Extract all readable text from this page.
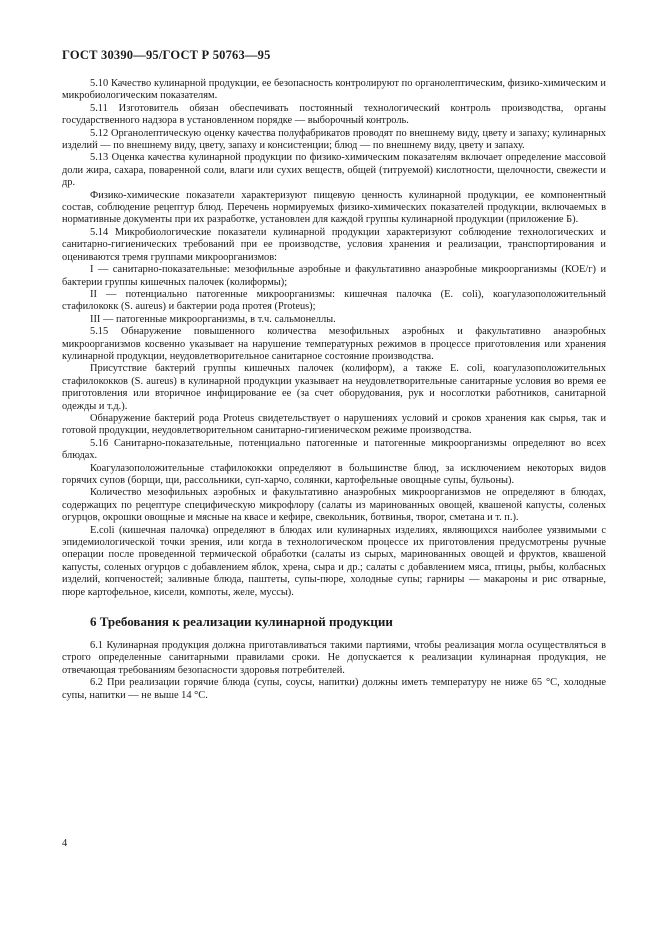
ГОСТ 30390—95/ГОСТ Р 50763—95

5.10 Качество кулинарной продукции, ее безопасность контролируют по органолептическим, физико-химическим и микробиологическим показателям.

5.11 Изготовитель обязан обеспечивать постоянный технологический контроль производства, органы государственного надзора в установленном порядке — выборочный контроль.

5.12 Органолептическую оценку качества полуфабрикатов проводят по внешнему виду, цвету и запаху; кулинарных изделий — по внешнему виду, цвету, запаху и консистенции; блюд — по внешнему виду, цвету и запаху.

5.13 Оценка качества кулинарной продукции по физико-химическим показателям включает определение массовой доли жира, сахара, поваренной соли, влаги или сухих веществ, общей (титруемой) кислотности, щелочности, свежести и др.

Физико-химические показатели характеризуют пищевую ценность кулинарной продукции, ее компонентный состав, соблюдение рецептур блюд. Перечень нормируемых физико-химических показателей продукции, включаемых в нормативные документы при их разработке, установлен для каждой группы кулинарной продукции (приложение Б).

5.14 Микробиологические показатели кулинарной продукции характеризуют соблюдение технологических и санитарно-гигиенических требований при ее производстве, условия хранения и реализации, транспортирования и оцениваются тремя группами микроорганизмов:

I — санитарно-показательные: мезофильные аэробные и факультативно анаэробные микроорганизмы (КОЕ/г) и бактерии группы кишечных палочек (колиформы);

II — потенциально патогенные микроорганизмы: кишечная палочка (E. coli), коагулазоположительный стафилококк (S. aureus) и бактерии рода протея (Proteus);

III — патогенные микроорганизмы, в т.ч. сальмонеллы.

5.15 Обнаружение повышенного количества мезофильных аэробных и факультативно анаэробных микроорганизмов косвенно указывает на нарушение температурных режимов в процессе приготовления или хранения кулинарной продукции, неудовлетворительное санитарное состояние производства.

Присутствие бактерий группы кишечных палочек (колиформ), а также E. coli, коагулазоположительных стафилококков (S. aureus) в кулинарной продукции указывает на неудовлетворительные санитарные условия во время ее приготовления или вторичное инфицирование ее (за счет оборудования, рук и носоглотки работников, санитарной одежды и т.д.).

Обнаружение бактерий рода Proteus свидетельствует о нарушениях условий и сроков хранения как сырья, так и готовой продукции, неудовлетворительном санитарно-гигиеническом режиме производства.

5.16 Санитарно-показательные, потенциально патогенные и патогенные микроорганизмы определяют во всех блюдах.

Коагулазоположительные стафилококки определяют в большинстве блюд, за исключением некоторых видов горячих супов (борщи, щи, рассольники, суп-харчо, солянки, картофельные овощные супы, бульоны).

Количество мезофильных аэробных и факультативно анаэробных микроорганизмов не определяют в блюдах, содержащих по рецептуре специфическую микрофлору (салаты из маринованных овощей, квашеной капусты, соленых огурцов, окрошки овощные и мясные на квасе и кефире, свекольник, ботвинья, творог, сметана и т. п.).

E.coli (кишечная палочка) определяют в блюдах или кулинарных изделиях, являющихся наиболее уязвимыми с эпидемиологической точки зрения, или когда в технологическом процессе их приготовления предусмотрены ручные операции после проведенной термической обработки (салаты из сырых, маринованных овощей и фруктов, квашеной капусты, соленых огурцов с добавлением яблок, хрена, сыра и др.; салаты с добавлением мяса, птицы, рыбы, колбасных изделий, копченостей; заливные блюда, паштеты, супы-пюре, холодные супы; гарниры — макароны и рис отварные, пюре картофельное, кисели, компоты, желе, муссы).

6 Требования к реализации кулинарной продукции

6.1 Кулинарная продукция должна приготавливаться такими партиями, чтобы реализация могла осуществляться в строго определенные санитарными правилами сроки. Не допускается к реализации кулинарная продукция, не отвечающая требованиям безопасности здоровья потребителей.

6.2 При реализации горячие блюда (супы, соусы, напитки) должны иметь температуру не ниже 65 °С, холодные супы, напитки — не выше 14 °С.

4
